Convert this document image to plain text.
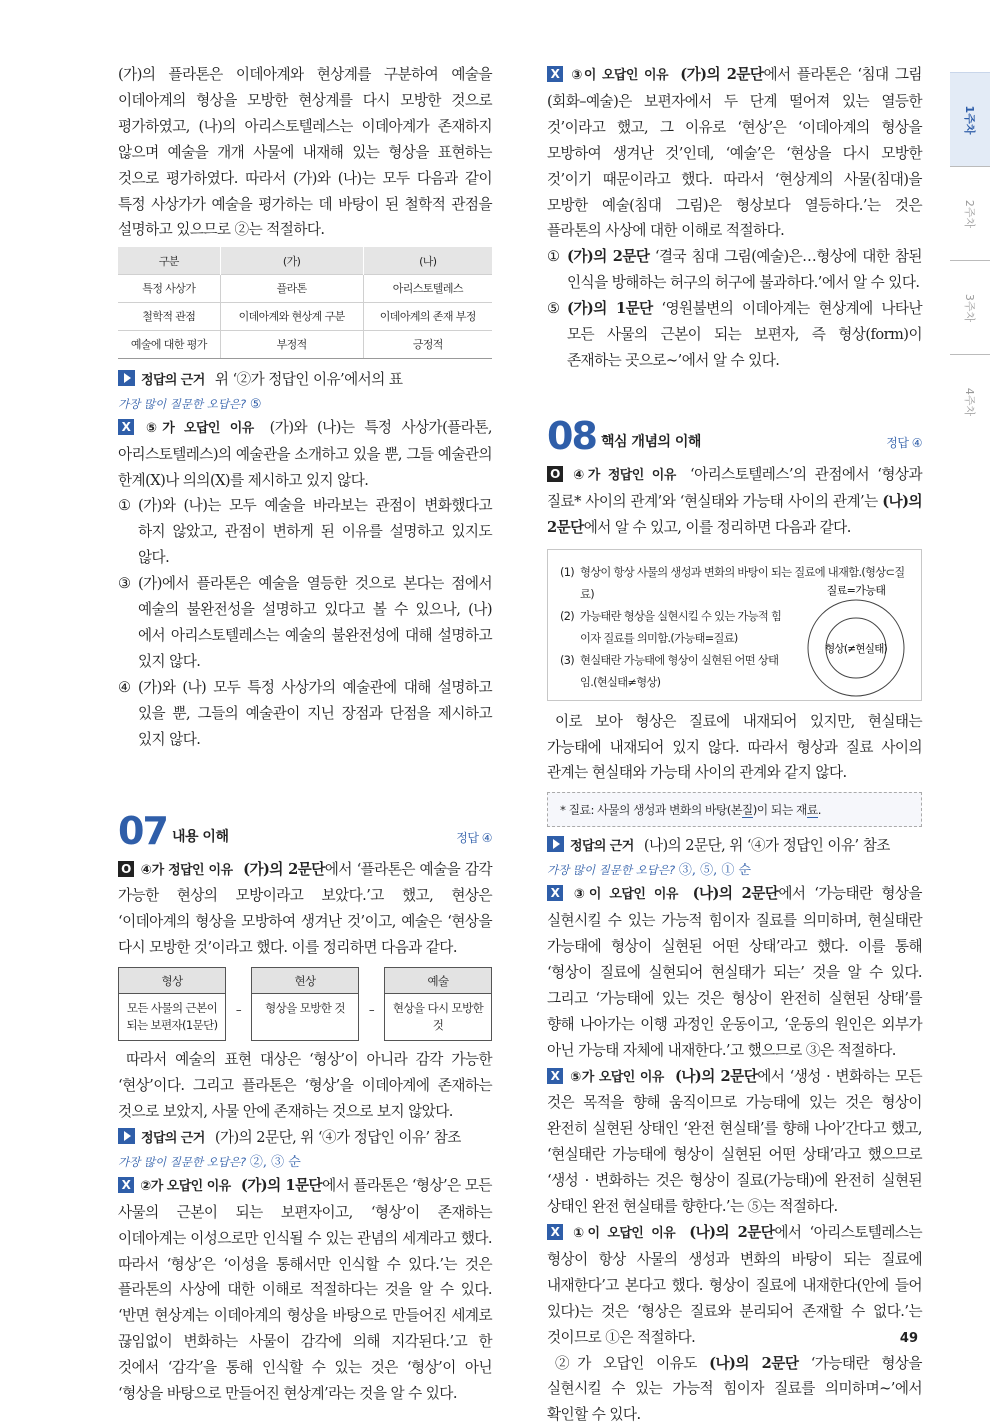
(가)의 플라톤은 이데아계와 현상계를 구분하여 예술을 이데아계의 형상을 모방한 현상계를 다시 모방한 것으로 평가하였고, (나)의 아리스토텔레스는 이데아계가 존재하지 않으며 예술을 개개 사물에 내재해 있는 형상을 표현하는 것으로 평가하였다. 따라서 (가)와 (나)는 모두 다음과 같이 특정 사상가가 예술을 평가하는 데 바탕이 된 철학적 관점을 설명하고 있으므로 ②는 적절하다.

구분	(가)	(나)
특정 사상가	플라톤	아리스토텔레스
철학적 관점	이데아계와 현상계 구분	이데아계의 존재 부정
예술에 대한 평가	부정적	긍정적

정답의 근거 위 ‘②가 정답인 이유’에서의 표

가장 많이 질문한 오답은? ⑤

X ⑤가 오답인 이유 (가)와 (나)는 특정 사상가(플라톤, 아리스토텔레스)의 예술관을 소개하고 있을 뿐, 그들 예술관의 한계(X)나 의의(X)를 제시하고 있지 않다.

① (가)와 (나)는 모두 예술을 바라보는 관점이 변화했다고 하지 않았고, 관점이 변하게 된 이유를 설명하고 있지도 않다.
③ (가)에서 플라톤은 예술을 열등한 것으로 본다는 점에서 예술의 불완전성을 설명하고 있다고 볼 수 있으나, (나)에서 아리스토텔레스는 예술의 불완전성에 대해 설명하고 있지 않다.
④ (가)와 (나) 모두 특정 사상가의 예술관에 대해 설명하고 있을 뿐, 그들의 예술관이 지닌 장점과 단점을 제시하고 있지 않다.
07 내용 이해	정답 ④

O ④가 정답인 이유 (가)의 2문단에서 ‘플라톤은 예술을 감각 가능한 현상의 모방이라고 보았다.’고 했고, 현상은 ‘이데아계의 형상을 모방하여 생겨난 것’이고, 예술은 ‘현상을 다시 모방한 것’이라고 했다. 이를 정리하면 다음과 같다.

형상
모든 사물의 근본이 되는 보편자(1문단)
–
현상
형상을 모방한 것	–
예술
현상을 다시 모방한 것

따라서 예술의 표현 대상은 ‘형상’이 아니라 감각 가능한 ‘현상’이다. 그리고 플라톤은 ‘형상’을 이데아계에 존재하는 것으로 보았지, 사물 안에 존재하는 것으로 보지 않았다.

정답의 근거 (가)의 2문단, 위 ‘④가 정답인 이유’ 참조

가장 많이 질문한 오답은? ②, ③ 순

X ②가 오답인 이유 (가)의 1문단에서 플라톤은 ‘형상’은 모든 사물의 근본이 되는 보편자이고, ‘형상’이 존재하는 이데아계는 이성으로만 인식될 수 있는 관념의 세계라고 했다. 따라서 ‘형상’은 ‘이성을 통해서만 인식할 수 있다.’는 것은 플라톤의 사상에 대한 이해로 적절하다는 것을 알 수 있다. ‘반면 현상계는 이데아계의 형상을 바탕으로 만들어진 세계로 끊임없이 변화하는 사물이 감각에 의해 지각된다.’고 한 것에서 ‘감각’을 통해 인식할 수 있는 것은 ‘형상’이 아닌 ‘형상을 바탕으로 만들어진 현상계’라는 것을 알 수 있다.

X ③이 오답인 이유 (가)의 2문단에서 플라톤은 ‘침대 그림(회화–예술)은 보편자에서 두 단계 떨어져 있는 열등한 것’이라고 했고, 그 이유로 ‘현상’은 ‘이데아계의 형상을 모방하여 생겨난 것’인데, ‘예술’은 ‘현상을 다시 모방한 것’이기 때문이라고 했다. 따라서 ‘현상계의 사물(침대)을 모방한 예술(침대 그림)은 형상보다 열등하다.’는 것은 플라톤의 사상에 대한 이해로 적절하다.

① (가)의 2문단 ‘결국 침대 그림(예술)은…형상에 대한 참된 인식을 방해하는 허구의 허구에 불과하다.’에서 알 수 있다.
⑤ (가)의 1문단 ‘영원불변의 이데아계는 현상계에 나타난 모든 사물의 근본이 되는 보편자, 즉 형상(form)이 존재하는 곳으로~’에서 알 수 있다.
08 핵심 개념의 이해	정답 ④

O ④가 정답인 이유 ‘아리스토텔레스’의 관점에서 ‘형상과 질료* 사이의 관계’와 ‘현실태와 가능태 사이의 관계’는 (나)의 2문단에서 알 수 있고, 이를 정리하면 다음과 같다.

(1) 형상이 항상 사물의 생성과 변화의 바탕이 되는 질료에 내재함.(형상⊂질료)
(2) 가능태란 형상을 실현시킬 수 있는 가능적 힘이자 질료를 의미함.(가능태=질료)
(3) 현실태란 가능태에 형상이 실현된 어떤 상태임.(현실태≠형상)
질료=가능태
형상(≠현실태)

이로 보아 형상은 질료에 내재되어 있지만, 현실태는 가능태에 내재되어 있지 않다. 따라서 형상과 질료 사이의 관계는 현실태와 가능태 사이의 관계와 같지 않다.

* 질료: 사물의 생성과 변화의 바탕(본질)이 되는 재료.

정답의 근거 (나)의 2문단, 위 ‘④가 정답인 이유’ 참조

가장 많이 질문한 오답은? ③, ⑤, ① 순

X ③이 오답인 이유 (나)의 2문단에서 ‘가능태란 형상을 실현시킬 수 있는 가능적 힘이자 질료를 의미하며, 현실태란 가능태에 형상이 실현된 어떤 상태’라고 했다. 이를 통해 ‘형상이 질료에 실현되어 현실태가 되는’ 것을 알 수 있다. 그리고 ‘가능태에 있는 것은 형상이 완전히 실현된 상태’를 향해 나아가는 이행 과정인 운동이고, ‘운동의 원인은 외부가 아닌 가능태 자체에 내재한다.’고 했으므로 ③은 적절하다.

X ⑤가 오답인 이유 (나)의 2문단에서 ‘생성 · 변화하는 모든 것은 목적을 향해 움직이므로 가능태에 있는 것은 형상이 완전히 실현된 상태인 ‘완전 현실태’를 향해 나아’간다고 했고, ‘현실태란 가능태에 형상이 실현된 어떤 상태’라고 했으므로 ‘생성 · 변화하는 것은 형상이 질료(가능태)에 완전히 실현된 상태인 완전 현실태를 향한다.’는 ⑤는 적절하다.

X ①이 오답인 이유 (나)의 2문단에서 ‘아리스토텔레스는 형상이 항상 사물의 생성과 변화의 바탕이 되는 질료에 내재한다’고 본다고 했다. 형상이 질료에 내재한다(안에 들어 있다)는 것은 ‘형상은 질료와 분리되어 존재할 수 없다.’는 것이므로 ①은 적절하다.

②가 오답인 이유도 (나)의 2문단 ‘가능태란 형상을 실현시킬 수 있는 가능적 힘이자 질료를 의미하며~’에서 확인할 수 있다.

1주차
2주차
3주차
4주차
49
